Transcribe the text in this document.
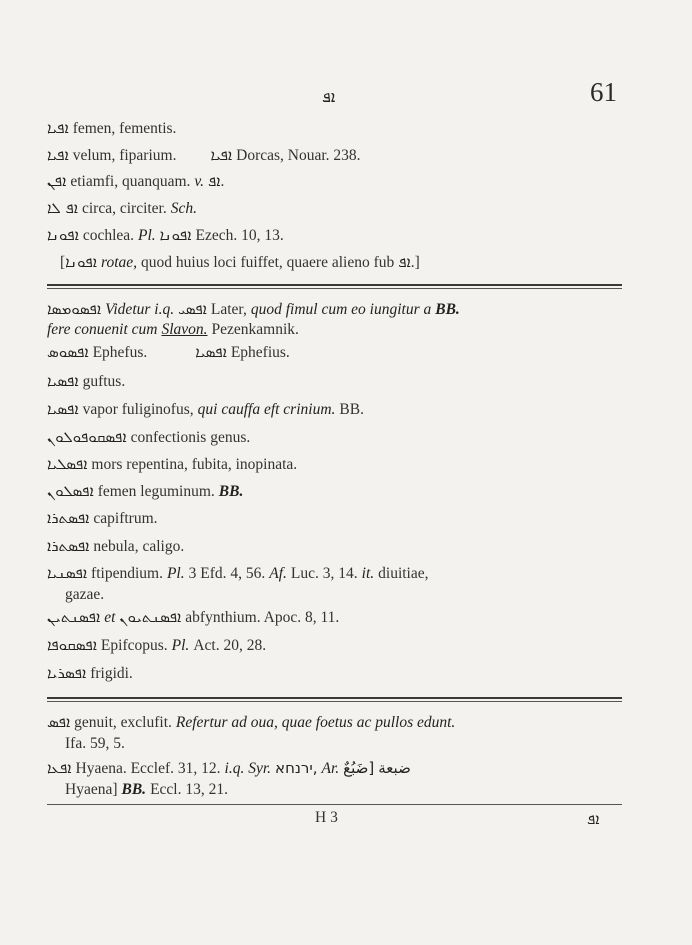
ܐܦ	61
ܐܦܝܐ femen, fementis.
ܐܦܝܐ velum, fiparium. ܐܦܝܐ Dorcas, Nouar. 238.
ܐܦܢ etiamfi, quanquam. v. ܐܦ.
ܐܦ ܠܐ circa, circiter. Sch.
ܐܦܘܢܐ cochlea. Pl. ܐܦܘܢܐ Ezech. 10, 13.
[ܐܦܘܢܐ rotae, quod huius loci fuiffet, quaere alieno fub ܐܦ.]
ܐܦܣܘܡܣܐ Videtur i.q. ܐܦܣܝ Later, quod fimul cum eo iungitur a BB.
fere conuenit cum Slavon. Pezenkamnik.
ܐܦܣܘܣ Ephefus.	ܐܦܣܝܐ Ephefius.
ܐܦܣܝܐ guftus.
ܐܦܣܝܐ vapor fuliginofus, qui cauffa eft crinium. BB.
ܐܦܣܩܘܦܘܠܘܢ confectionis genus.
ܐܦܣܠܝܐ mors repentina, fubita, inopinata.
ܐܦܣܠܘܢ femen leguminum. BB.
ܐܦܣܬܪܐ capiftrum.
ܐܦܣܬܪܐ nebula, caligo.
ܐܦܣܢܝܐ ftipendium. Pl. 3 Efd. 4, 56. Af. Luc. 3, 14. it. diuitiae,
gazae.
ܐܦܣܢܬܝܢ et ܐܦܣܢܬܝܘܢ abfynthium. Apoc. 8, 11.
ܐܦܣܩܘܦܐ Epifcopus. Pl. Act. 20, 28.
ܐܦܣܪܝܐ frigidi.
ܐܦܣ genuit, exclufit. Refertur ad oua, quae foetus ac pullos edunt.
Ifa. 59, 5.
ܐܦܥܐ Hyaena. Ecclef. 31, 12. i.q. Syr. ירנחא, Ar.	ضبعة [ضَبُعٌ
Hyaena] BB. Eccl. 13, 21.
H 3	ܐܦ
